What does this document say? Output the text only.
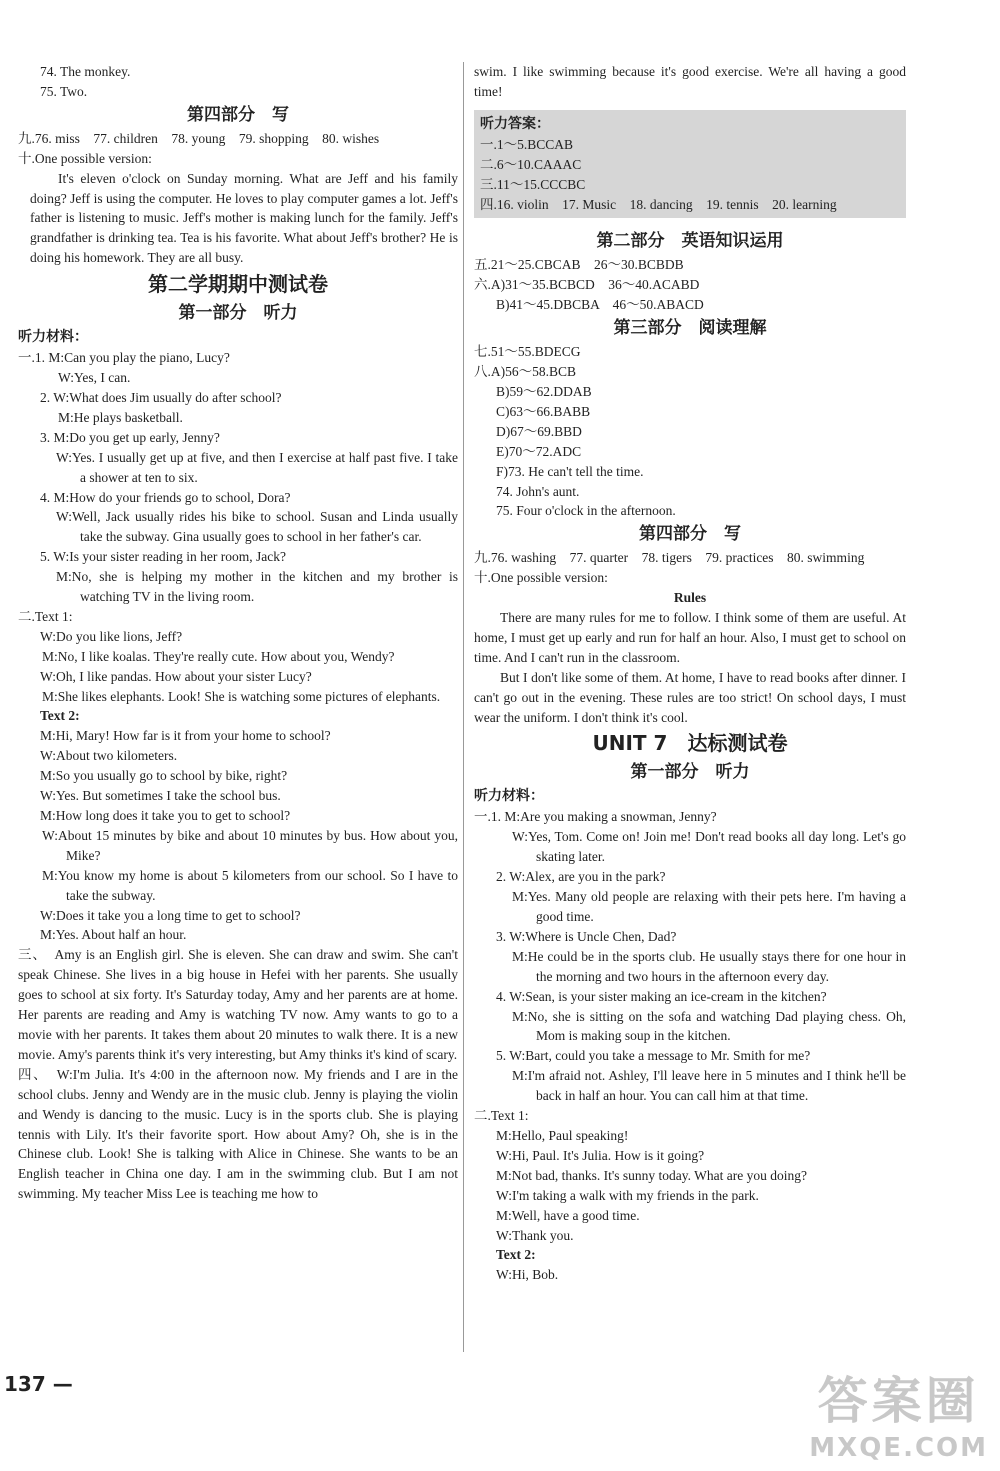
74. The monkey.
75. Two.
第四部分　写
九.76. miss　77. children　78. young　79. shopping　80. wishes
十.One possible version:
It's eleven o'clock on Sunday morning. What are Jeff and his family doing? Jeff is using the computer. He loves to play computer games a lot. Jeff's father is listening to music. Jeff's mother is making lunch for the family. Jeff's grandfather is drinking tea. Tea is his favorite. What about Jeff's brother? He is doing his homework. They are all busy.
第二学期期中测试卷
第一部分　听力
听力材料：
一.1. M:Can you play the piano, Lucy?
W:Yes, I can.
2. W:What does Jim usually do after school?
M:He plays basketball.
3. M:Do you get up early, Jenny?
W:Yes. I usually get up at five, and then I exercise at half past five. I take a shower at ten to six.
4. M:How do your friends go to school, Dora?
W:Well, Jack usually rides his bike to school. Susan and Linda usually take the subway. Gina usually goes to school in her father's car.
5. W:Is your sister reading in her room, Jack?
M:No, she is helping my mother in the kitchen and my brother is watching TV in the living room.
二.Text 1:
W:Do you like lions, Jeff?
M:No, I like koalas. They're really cute. How about you, Wendy?
W:Oh, I like pandas. How about your sister Lucy?
M:She likes elephants. Look! She is watching some pictures of elephants.
Text 2:
M:Hi, Mary! How far is it from your home to school?
W:About two kilometers.
M:So you usually go to school by bike, right?
W:Yes. But sometimes I take the school bus.
M:How long does it take you to get to school?
W:About 15 minutes by bike and about 10 minutes by bus. How about you, Mike?
M:You know my home is about 5 kilometers from our school. So I have to take the subway.
W:Does it take you a long time to get to school?
M:Yes. About half an hour.
三、　Amy is an English girl. She is eleven. She can draw and swim. She can't speak Chinese. She lives in a big house in Hefei with her parents. She usually goes to school at six forty. It's Saturday today, Amy and her parents are at home. Her parents are reading and Amy is watching TV now. Amy wants to go to a movie with her parents. It takes them about 20 minutes to walk there. It is a new movie. Amy's parents think it's very interesting, but Amy thinks it's kind of scary.
四、　W:I'm Julia. It's 4:00 in the afternoon now. My friends and I are in the school clubs. Jenny and Wendy are in the music club. Jenny is playing the violin and Wendy is dancing to the music. Lucy is in the sports club. She is playing tennis with Lily. It's their favorite sport. How about Amy? Oh, she is in the Chinese club. Look! She is talking with Alice in Chinese. She wants to be an English teacher in China one day. I am in the swimming club. But I am not swimming. My teacher Miss Lee is teaching me how to
swim. I like swimming because it's good exercise. We're all having a good time!
听力答案：
一.1～5.BCCAB
二.6～10.CAAAC
三.11～15.CCCBC
四.16. violin　17. Music　18. dancing　19. tennis　20. learning
第二部分　英语知识运用
五.21～25.CBCAB　26～30.BCBDB
六.A)31～35.BCBCD　36～40.ACABD
B)41～45.DBCBA　46～50.ABACD
第三部分　阅读理解
七.51～55.BDECG
八.A)56～58.BCB
B)59～62.DDAB
C)63～66.BABB
D)67～69.BBD
E)70～72.ADC
F)73. He can't tell the time.
74. John's aunt.
75. Four o'clock in the afternoon.
第四部分　写
九.76. washing　77. quarter　78. tigers　79. practices　80. swimming
十.One possible version:
Rules
There are many rules for me to follow. I think some of them are useful. At home, I must get up early and run for half an hour. Also, I must get to school on time. And I can't run in the classroom.
But I don't like some of them. At home, I have to read books after dinner. I can't go out in the evening. These rules are too strict! On school days, I must wear the uniform. I don't think it's cool.
UNIT 7　达标测试卷
第一部分　听力
听力材料：
一.1. M:Are you making a snowman, Jenny?
W:Yes, Tom. Come on! Join me! Don't read books all day long. Let's go skating later.
2. W:Alex, are you in the park?
M:Yes. Many old people are relaxing with their pets here. I'm having a good time.
3. W:Where is Uncle Chen, Dad?
M:He could be in the sports club. He usually stays there for one hour in the morning and two hours in the afternoon every day.
4. W:Sean, is your sister making an ice-cream in the kitchen?
M:No, she is sitting on the sofa and watching Dad playing chess. Oh, Mom is making soup in the kitchen.
5. W:Bart, could you take a message to Mr. Smith for me?
M:I'm afraid not. Ashley, I'll leave here in 5 minutes and I think he'll be back in half an hour. You can call him at that time.
二.Text 1:
M:Hello, Paul speaking!
W:Hi, Paul. It's Julia. How is it going?
M:Not bad, thanks. It's sunny today. What are you doing?
W:I'm taking a walk with my friends in the park.
M:Well, have a good time.
W:Thank you.
Text 2:
W:Hi, Bob.
137 —	答案圈
MXQE.COM
